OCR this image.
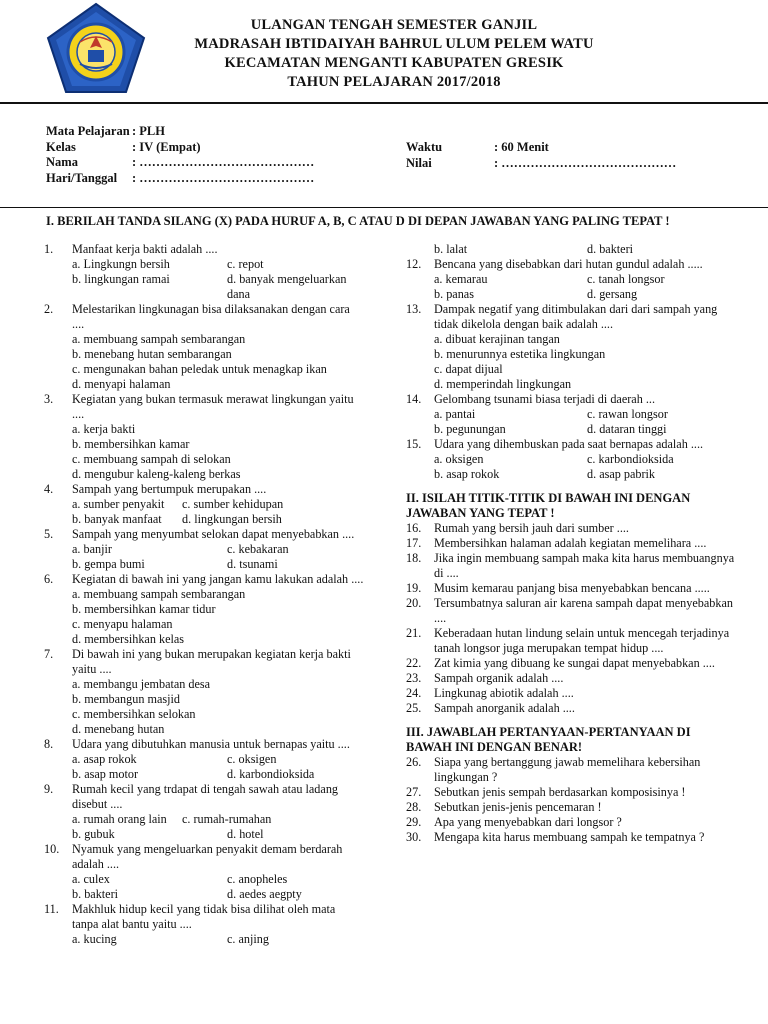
ULANGAN TENGAH SEMESTER GANJIL
MADRASAH IBTIDAIYAH BAHRUL ULUM PELEM WATU
KECAMATAN MENGANTI KABUPATEN GRESIK
TAHUN PELAJARAN 2017/2018
Mata Pelajaran : PLH
Kelas	: IV (Empat)
Nama	: ……………………………………
Hari/Tanggal	: ……………………………………
Waktu	: 60 Menit
Nilai	: ……………………………………
I. BERILAH TANDA SILANG (X) PADA HURUF A, B, C ATAU D DI DEPAN JAWABAN YANG PALING TEPAT !
1.	Manfaat kerja bakti adalah ....
a. Lingkungn bersih	c. repot
b. lingkungan ramai	d. banyak mengeluarkan dana
2.	Melestarikan lingkunagan bisa dilaksanakan dengan cara ....
a. membuang sampah sembarangan
b. menebang hutan sembarangan
c. mengunakan bahan peledak untuk menagkap ikan
d. menyapi halaman
3.	Kegiatan yang bukan termasuk merawat lingkungan yaitu ....
a. kerja bakti
b. membersihkan kamar
c. membuang sampah di selokan
d. mengubur kaleng-kaleng berkas
4.	Sampah yang bertumpuk merupakan ....
a. sumber penyakit	c. sumber kehidupan
b. banyak manfaat	d. lingkungan bersih
5.	Sampah yang menyumbat selokan dapat menyebabkan ....
a. banjir	c. kebakaran
b. gempa bumi	d. tsunami
6.	Kegiatan di bawah ini yang jangan kamu lakukan adalah ....
a. membuang sampah sembarangan
b. membersihkan kamar tidur
c. menyapu halaman
d. membersihkan kelas
7.	Di bawah ini yang bukan merupakan kegiatan kerja bakti yaitu ....
a. membangu jembatan desa
b. membangun masjid
c. membersihkan selokan
d. menebang hutan
8.	Udara yang dibutuhkan manusia untuk bernapas yaitu ....
a. asap rokok	c. oksigen
b. asap motor	d. karbondioksida
9.	Rumah kecil yang trdapat di tengah sawah atau ladang disebut ....
a. rumah orang lain	c. rumah-rumahan
b. gubuk	d. hotel
10.	Nyamuk yang mengeluarkan penyakit demam berdarah adalah ....
a. culex	c. anopheles
b. bakteri	d. aedes aegpty
11.	Makhluk hidup kecil yang tidak bisa dilihat oleh mata tanpa alat bantu yaitu ....
a. kucing	c. anjing
b. lalat	d. bakteri
12.	Bencana yang disebabkan dari hutan gundul adalah .....
a. kemarau	c. tanah longsor
b. panas	d. gersang
13.	Dampak negatif yang ditimbulakan dari dari sampah yang tidak dikelola dengan baik adalah ....
a. dibuat kerajinan tangan
b. menurunnya estetika lingkungan
c. dapat dijual
d. memperindah lingkungan
14.	Gelombang tsunami biasa terjadi di daerah ...
a. pantai	c. rawan longsor
b. pegunungan	d. dataran tinggi
15.	Udara yang dihembuskan pada saat bernapas adalah ....
a. oksigen	c. karbondioksida
b. asap rokok	d. asap pabrik
II. ISILAH TITIK-TITIK DI BAWAH INI DENGAN JAWABAN YANG TEPAT !
16.	Rumah yang bersih jauh dari sumber ....
17.	Membersihkan halaman adalah kegiatan memelihara ....
18.	Jika ingin membuang sampah maka kita harus membuangnya di ....
19.	Musim kemarau panjang bisa menyebabkan bencana .....
20.	Tersumbatnya saluran air karena sampah dapat menyebabkan ....
21.	Keberadaan hutan lindung selain untuk mencegah terjadinya tanah longsor juga merupakan tempat hidup ....
22.	Zat kimia yang dibuang ke sungai dapat menyebabkan ....
23.	Sampah organik adalah ....
24.	Lingkunag abiotik adalah ....
25.	Sampah anorganik adalah ....
III. JAWABLAH PERTANYAAN-PERTANYAAN DI BAWAH INI DENGAN BENAR!
26.	Siapa yang bertanggung jawab memelihara kebersihan lingkungan ?
27.	Sebutkan jenis sempah berdasarkan komposisinya !
28.	Sebutkan jenis-jenis pencemaran !
29.	Apa yang menyebabkan dari longsor ?
30.	Mengapa kita harus membuang sampah ke tempatnya ?
